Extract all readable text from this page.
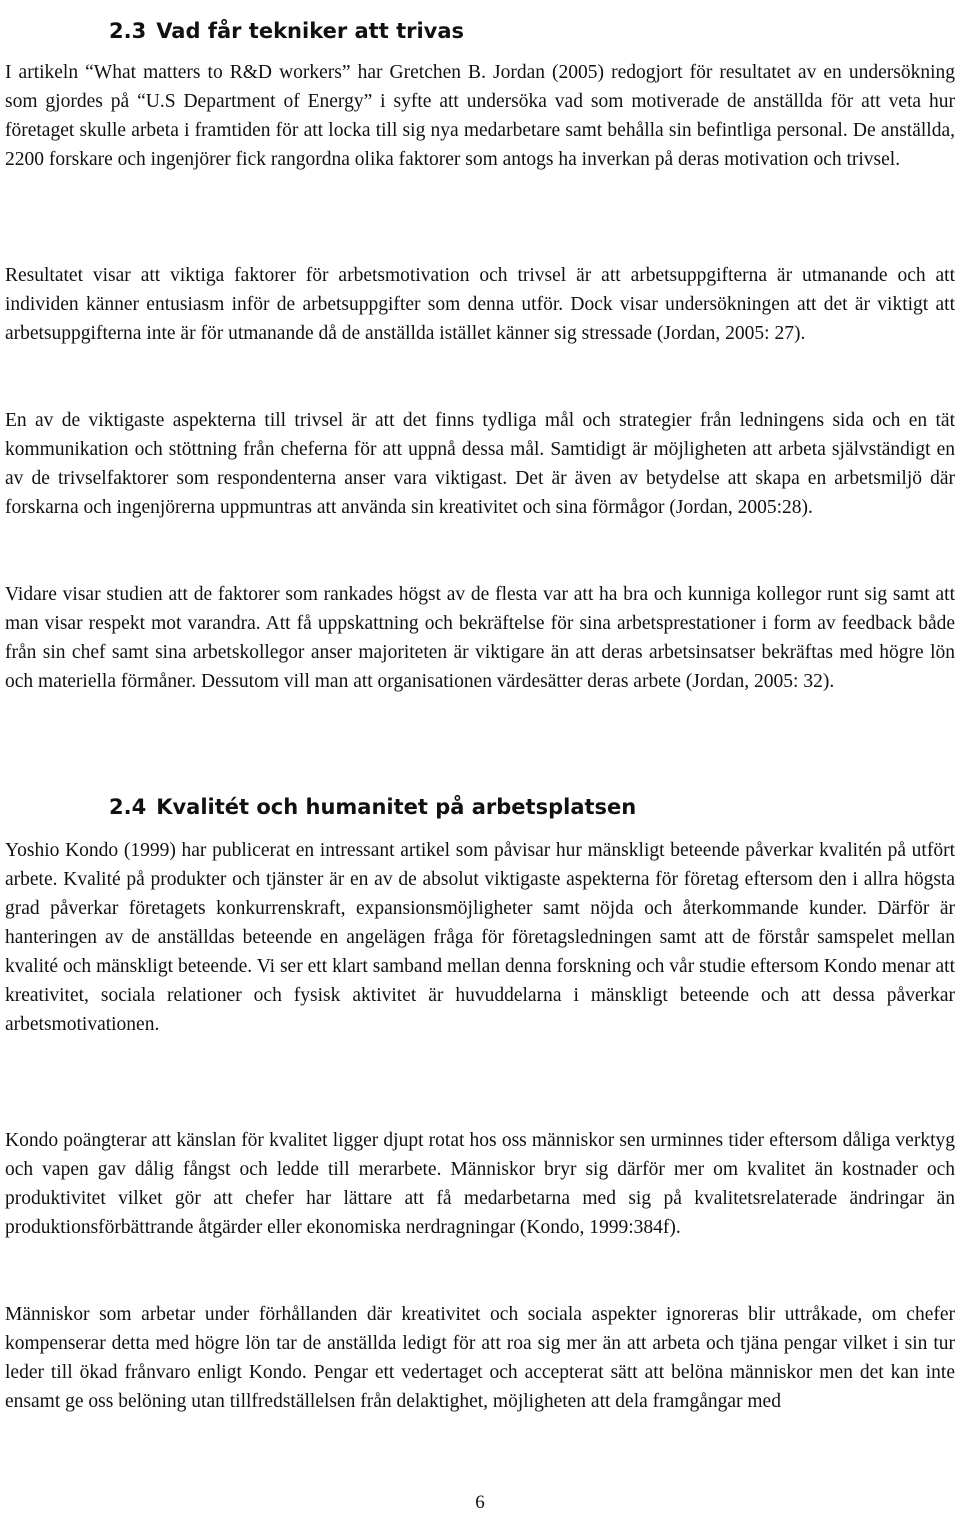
2.3 Vad får tekniker att trivas

I artikeln “What matters to R&D workers” har Gretchen B. Jordan (2005) redogjort för resultatet av en undersökning som gjordes på “U.S Department of Energy” i syfte att undersöka vad som motiverade de anställda för att veta hur företaget skulle arbeta i framtiden för att locka till sig nya medarbetare samt behålla sin befintliga personal. De anställda, 2200 forskare och ingenjörer fick rangordna olika faktorer som antogs ha inverkan på deras motivation och trivsel.

Resultatet visar att viktiga faktorer för arbetsmotivation och trivsel är att arbetsuppgifterna är utmanande och att individen känner entusiasm inför de arbetsuppgifter som denna utför. Dock visar undersökningen att det är viktigt att arbetsuppgifterna inte är för utmanande då de anställda istället känner sig stressade (Jordan, 2005: 27).

En av de viktigaste aspekterna till trivsel är att det finns tydliga mål och strategier från ledningens sida och en tät kommunikation och stöttning från cheferna för att uppnå dessa mål. Samtidigt är möjligheten att arbeta självständigt en av de trivselfaktorer som respondenterna anser vara viktigast. Det är även av betydelse att skapa en arbetsmiljö där forskarna och ingenjörerna uppmuntras att använda sin kreativitet och sina förmågor (Jordan, 2005:28).

Vidare visar studien att de faktorer som rankades högst av de flesta var att ha bra och kunniga kollegor runt sig samt att man visar respekt mot varandra. Att få uppskattning och bekräftelse för sina arbetsprestationer i form av feedback både från sin chef samt sina arbetskollegor anser majoriteten är viktigare än att deras arbetsinsatser bekräftas med högre lön och materiella förmåner. Dessutom vill man att organisationen värdesätter deras arbete (Jordan, 2005: 32).

2.4 Kvalitét och humanitet på arbetsplatsen

Yoshio Kondo (1999) har publicerat en intressant artikel som påvisar hur mänskligt beteende påverkar kvalitén på utfört arbete. Kvalité på produkter och tjänster är en av de absolut viktigaste aspekterna för företag eftersom den i allra högsta grad påverkar företagets konkurrenskraft, expansionsmöjligheter samt nöjda och återkommande kunder. Därför är hanteringen av de anställdas beteende en angelägen fråga för företagsledningen samt att de förstår samspelet mellan kvalité och mänskligt beteende. Vi ser ett klart samband mellan denna forskning och vår studie eftersom Kondo menar att kreativitet, sociala relationer och fysisk aktivitet är huvuddelarna i mänskligt beteende och att dessa påverkar arbetsmotivationen.

Kondo poängterar att känslan för kvalitet ligger djupt rotat hos oss människor sen urminnes tider eftersom dåliga verktyg och vapen gav dålig fångst och ledde till merarbete. Människor bryr sig därför mer om kvalitet än kostnader och produktivitet vilket gör att chefer har lättare att få medarbetarna med sig på kvalitetsrelaterade ändringar än produktionsförbättrande åtgärder eller ekonomiska nerdragningar (Kondo, 1999:384f).

Människor som arbetar under förhållanden där kreativitet och sociala aspekter ignoreras blir uttråkade, om chefer kompenserar detta med högre lön tar de anställda ledigt för att roa sig mer än att arbeta och tjäna pengar vilket i sin tur leder till ökad frånvaro enligt Kondo. Pengar ett vedertaget och accepterat sätt att belöna människor men det kan inte ensamt ge oss belöning utan tillfredställelsen från delaktighet, möjligheten att dela framgångar med

6
